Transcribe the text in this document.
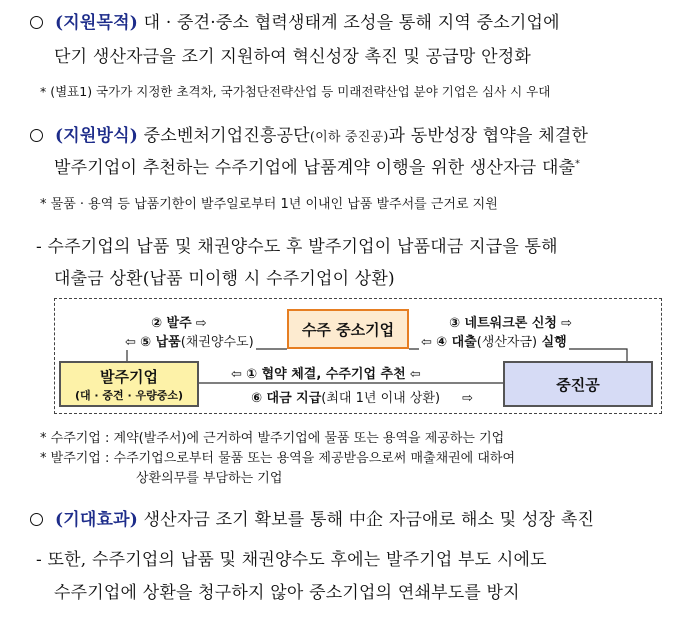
(지원목적) 대 · 중견·중소 협력생태계 조성을 통해 지역 중소기업에
단기 생산자금을 조기 지원하여 혁신성장 촉진 및 공급망 안정화
* (별표1) 국가가 지정한 초격차, 국가첨단전략산업 등 미래전략산업 분야 기업은 심사 시 우대
(지원방식) 중소벤처기업진흥공단(이하 중진공)과 동반성장 협약을 체결한
발주기업이 추천하는 수주기업에 납품계약 이행을 위한 생산자금 대출*
* 물품 · 용역 등 납품기한이 발주일로부터 1년 이내인 납품 발주서를 근거로 지원
- 수주기업의 납품 및 채권양수도 후 발주기업이 납품대금 지급을 통해
대출금 상환(납품 미이행 시 수주기업이 상환)
수주 중소기업
발주기업
(대 · 중견 · 우량중소)
중진공
② 발주 ⇨
⇦ ⑤ 납품(채권양수도)
③ 네트워크론 신청 ⇨
⇦ ④ 대출(생산자금) 실행
⇦ ① 협약 체결, 수주기업 추천 ⇦
⑥ 대금 지급(최대 1년 이내 상환) ⇨
* 수주기업 : 계약(발주서)에 근거하여 발주기업에 물품 또는 용역을 제공하는 기업
* 발주기업 : 수주기업으로부터 물품 또는 용역을 제공받음으로써 매출채권에 대하여
상환의무를 부담하는 기업
(기대효과) 생산자금 조기 확보를 통해 中企 자금애로 해소 및 성장 촉진
- 또한, 수주기업의 납품 및 채권양수도 후에는 발주기업 부도 시에도
수주기업에 상환을 청구하지 않아 중소기업의 연쇄부도를 방지
